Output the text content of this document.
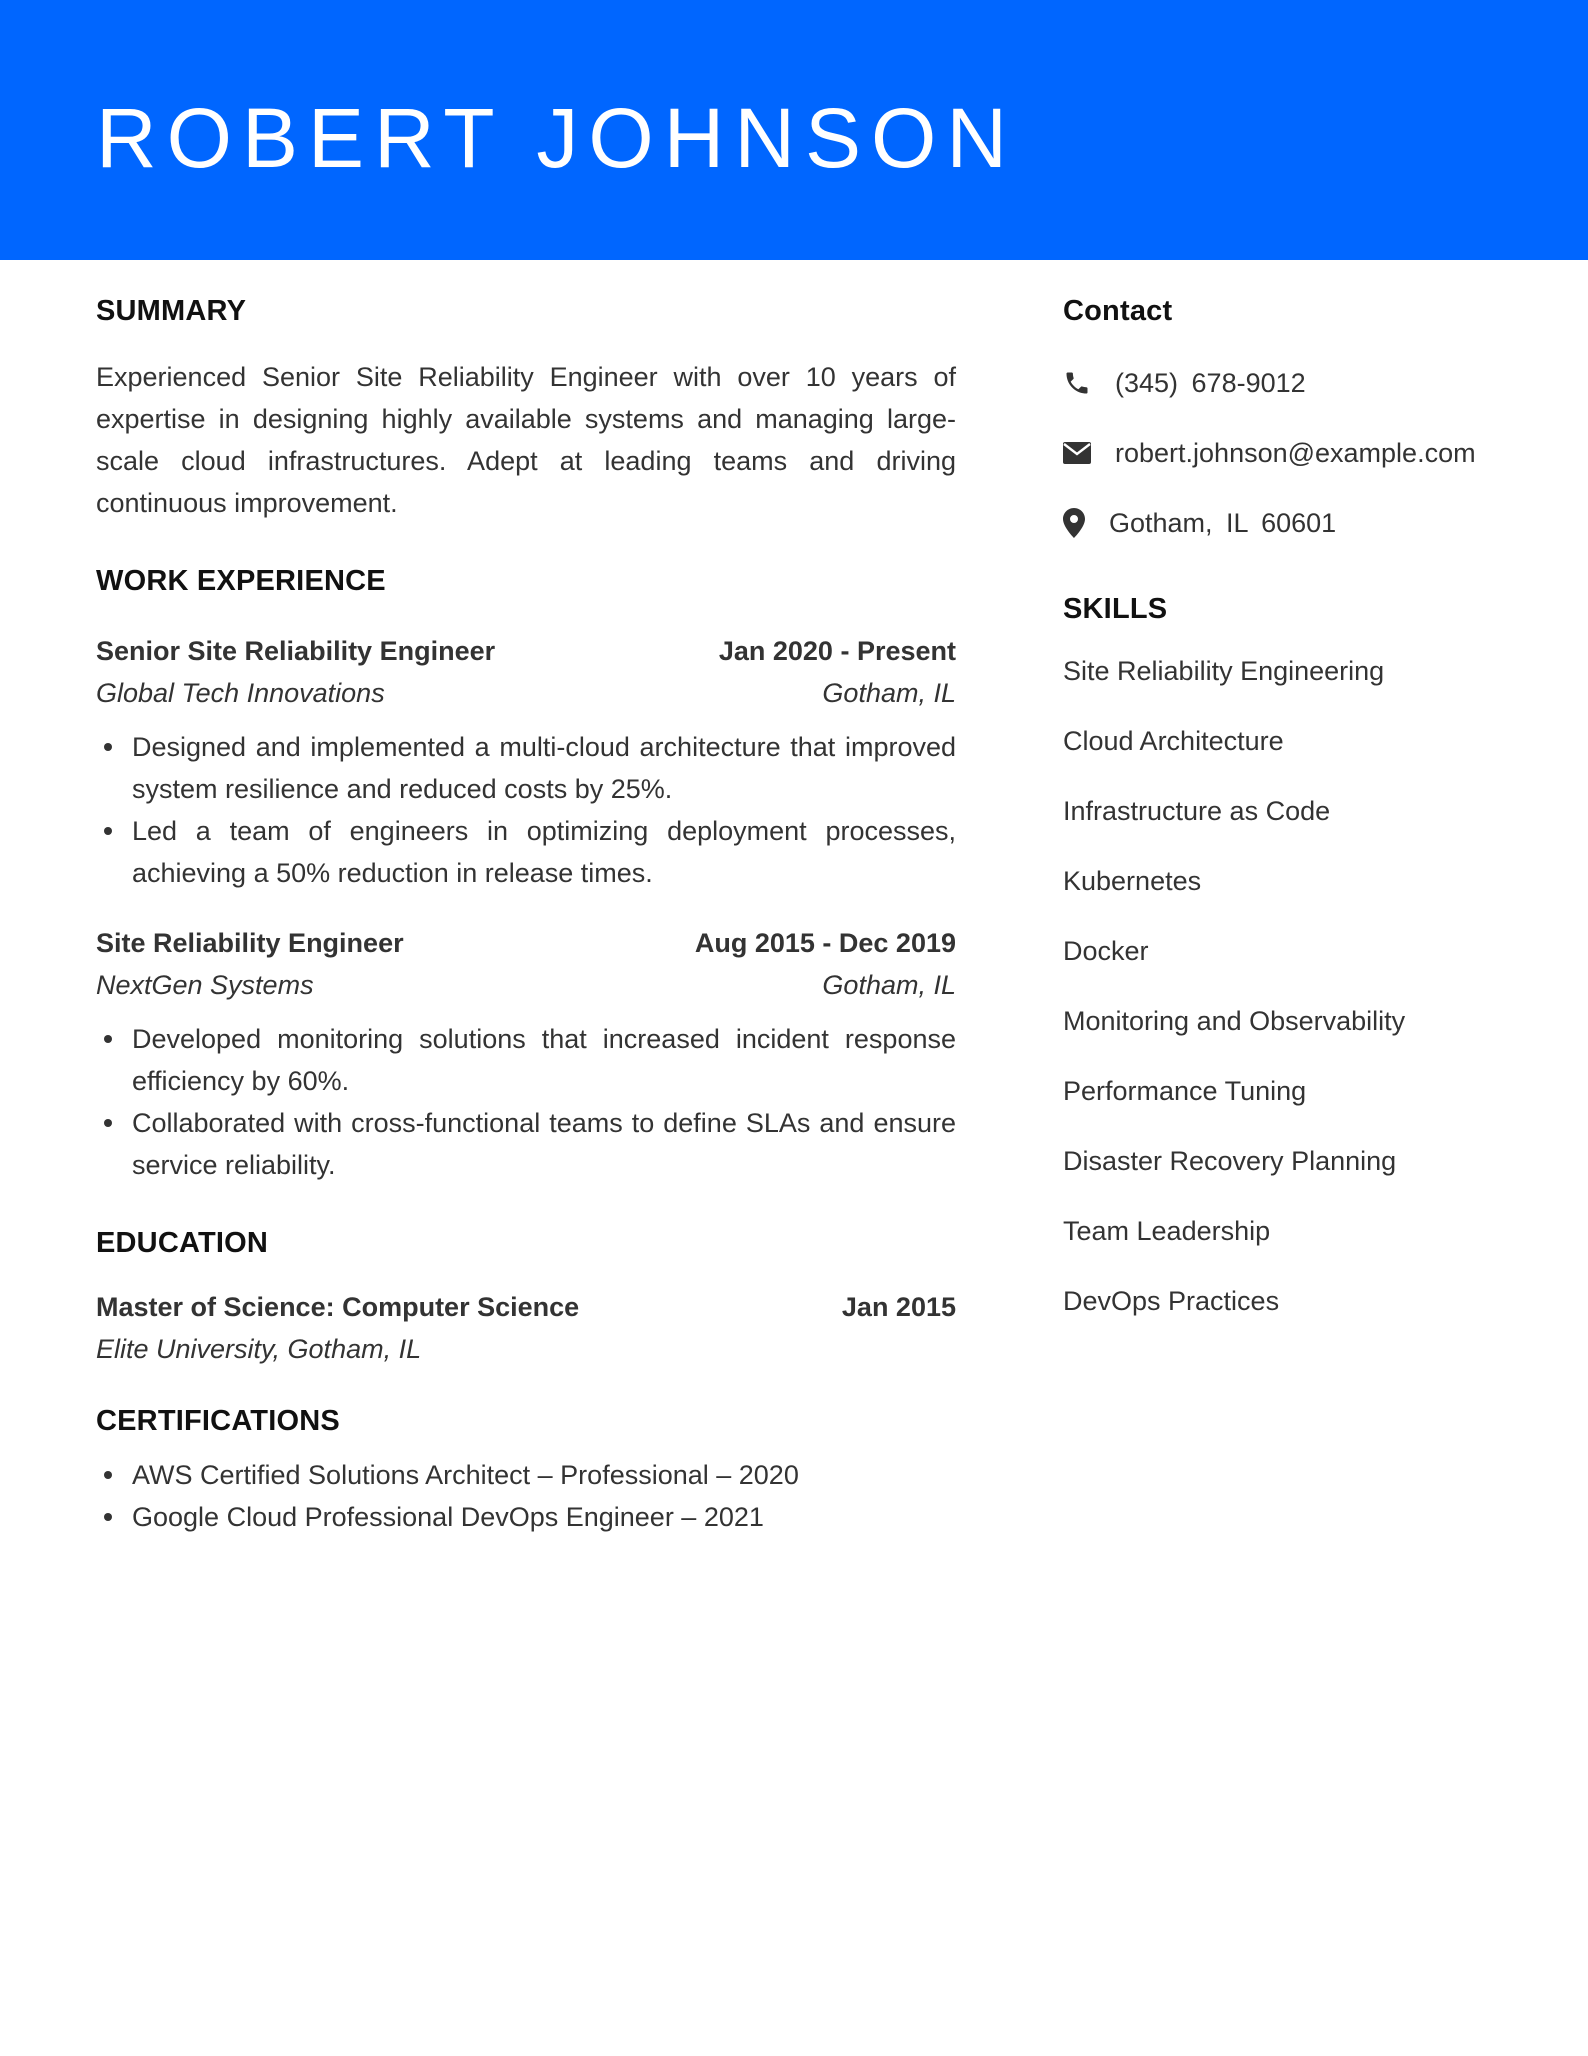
ROBERT JOHNSON
SUMMARY

Experienced Senior Site Reliability Engineer with over 10 years of expertise in designing highly available systems and managing large-scale cloud infrastructures. Adept at leading teams and driving continuous improvement.

WORK EXPERIENCE
Senior Site Reliability Engineer	Jan 2020 - Present
Global Tech Innovations	Gotham, IL
Designed and implemented a multi-cloud architecture that improved system resilience and reduced costs by 25%.
Led a team of engineers in optimizing deployment processes, achieving a 50% reduction in release times.
Site Reliability Engineer	Aug 2015 - Dec 2019
NextGen Systems	Gotham, IL
Developed monitoring solutions that increased incident response efficiency by 60%.
Collaborated with cross-functional teams to define SLAs and ensure service reliability.
EDUCATION
Master of Science: Computer Science	Jan 2015
Elite University, Gotham, IL
CERTIFICATIONS
AWS Certified Solutions Architect – Professional – 2020
Google Cloud Professional DevOps Engineer – 2021
Contact
(345) 678-9012
robert.johnson@example.com
Gotham, IL 60601
SKILLS
Site Reliability Engineering
Cloud Architecture
Infrastructure as Code
Kubernetes
Docker
Monitoring and Observability
Performance Tuning
Disaster Recovery Planning
Team Leadership
DevOps Practices
